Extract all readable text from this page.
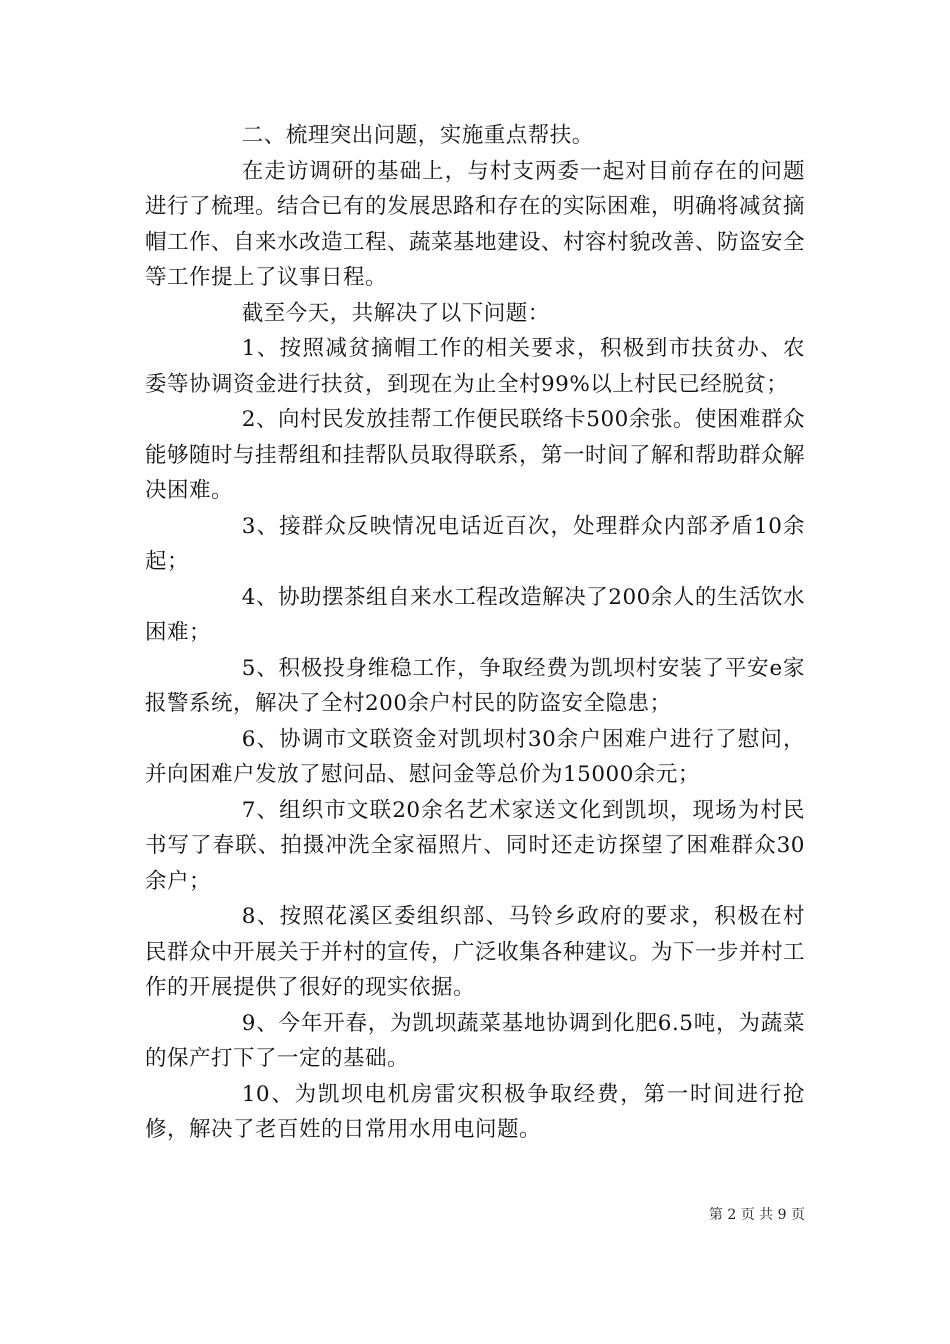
二、梳理突出问题，实施重点帮扶。

在走访调研的基础上，与村支两委一起对目前存在的问题进行了梳理。结合已有的发展思路和存在的实际困难，明确将减贫摘帽工作、自来水改造工程、蔬菜基地建设、村容村貌改善、防盗安全等工作提上了议事日程。

截至今天，共解决了以下问题：

1、按照减贫摘帽工作的相关要求，积极到市扶贫办、农委等协调资金进行扶贫，到现在为止全村99%以上村民已经脱贫；

2、向村民发放挂帮工作便民联络卡500余张。使困难群众能够随时与挂帮组和挂帮队员取得联系，第一时间了解和帮助群众解决困难。

3、接群众反映情况电话近百次，处理群众内部矛盾10余起；

4、协助摆茶组自来水工程改造解决了200余人的生活饮水困难；

5、积极投身维稳工作，争取经费为凯坝村安装了平安e家报警系统，解决了全村200余户村民的防盗安全隐患；

6、协调市文联资金对凯坝村30余户困难户进行了慰问，并向困难户发放了慰问品、慰问金等总价为15000余元；

7、组织市文联20余名艺术家送文化到凯坝，现场为村民书写了春联、拍摄冲洗全家福照片、同时还走访探望了困难群众30余户；

8、按照花溪区委组织部、马铃乡政府的要求，积极在村民群众中开展关于并村的宣传，广泛收集各种建议。为下一步并村工作的开展提供了很好的现实依据。

9、今年开春，为凯坝蔬菜基地协调到化肥6.5吨，为蔬菜的保产打下了一定的基础。

10、为凯坝电机房雷灾积极争取经费，第一时间进行抢修，解决了老百姓的日常用水用电问题。

第 2 页 共 9 页
